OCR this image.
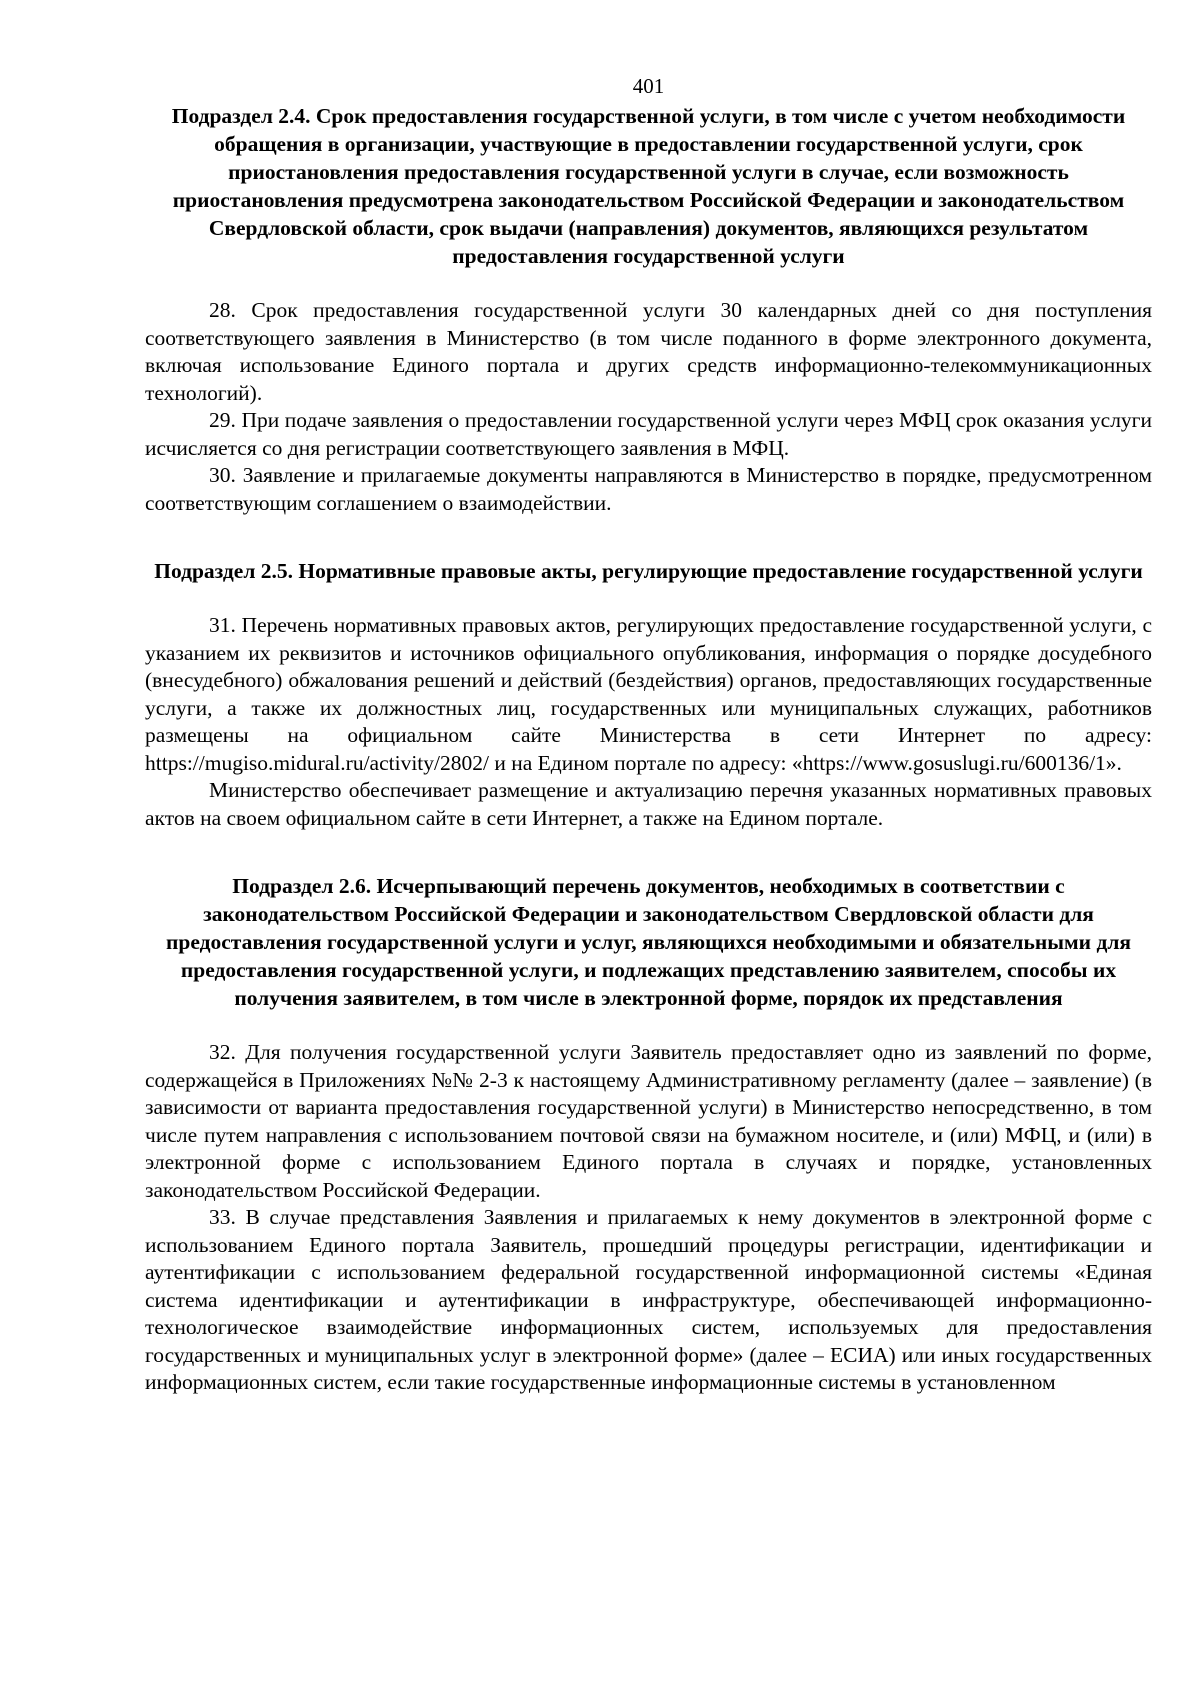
401
Подраздел 2.4. Срок предоставления государственной услуги, в том числе с учетом необходимости обращения в организации, участвующие в предоставлении государственной услуги, срок приостановления предоставления государственной услуги в случае, если возможность приостановления предусмотрена законодательством Российской Федерации и законодательством Свердловской области, срок выдачи (направления) документов, являющихся результатом предоставления государственной услуги

28. Срок предоставления государственной услуги 30 календарных дней со дня поступления соответствующего заявления в Министерство (в том числе поданного в форме электронного документа, включая использование Единого портала и других средств информационно-телекоммуникационных технологий).

29. При подаче заявления о предоставлении государственной услуги через МФЦ срок оказания услуги исчисляется со дня регистрации соответствующего заявления в МФЦ.

30. Заявление и прилагаемые документы направляются в Министерство в порядке, предусмотренном соответствующим соглашением о взаимодействии.

Подраздел 2.5. Нормативные правовые акты, регулирующие предоставление государственной услуги

31. Перечень нормативных правовых актов, регулирующих предоставление государственной услуги, с указанием их реквизитов и источников официального опубликования, информация о порядке досудебного (внесудебного) обжалования решений и действий (бездействия) органов, предоставляющих государственные услуги, а также их должностных лиц, государственных или муниципальных служащих, работников размещены на официальном сайте Министерства в сети Интернет по адресу: https://mugiso.midural.ru/activity/2802/ и на Едином портале по адресу: «https://www.gosuslugi.ru/600136/1».

Министерство обеспечивает размещение и актуализацию перечня указанных нормативных правовых актов на своем официальном сайте в сети Интернет, а также на Едином портале.

Подраздел 2.6. Исчерпывающий перечень документов, необходимых в соответствии с законодательством Российской Федерации и законодательством Свердловской области для предоставления государственной услуги и услуг, являющихся необходимыми и обязательными для предоставления государственной услуги, и подлежащих представлению заявителем, способы их получения заявителем, в том числе в электронной форме, порядок их представления

32. Для получения государственной услуги Заявитель предоставляет одно из заявлений по форме, содержащейся в Приложениях №№ 2-3 к настоящему Административному регламенту (далее – заявление) (в зависимости от варианта предоставления государственной услуги) в Министерство непосредственно, в том числе путем направления с использованием почтовой связи на бумажном носителе, и (или) МФЦ, и (или) в электронной форме с использованием Единого портала в случаях и порядке, установленных законодательством Российской Федерации.

33. В случае представления Заявления и прилагаемых к нему документов в электронной форме с использованием Единого портала Заявитель, прошедший процедуры регистрации, идентификации и аутентификации с использованием федеральной государственной информационной системы «Единая система идентификации и аутентификации в инфраструктуре, обеспечивающей информационно-технологическое взаимодействие информационных систем, используемых для предоставления государственных и муниципальных услуг в электронной форме» (далее – ЕСИА) или иных государственных информационных систем, если такие государственные информационные системы в установленном
